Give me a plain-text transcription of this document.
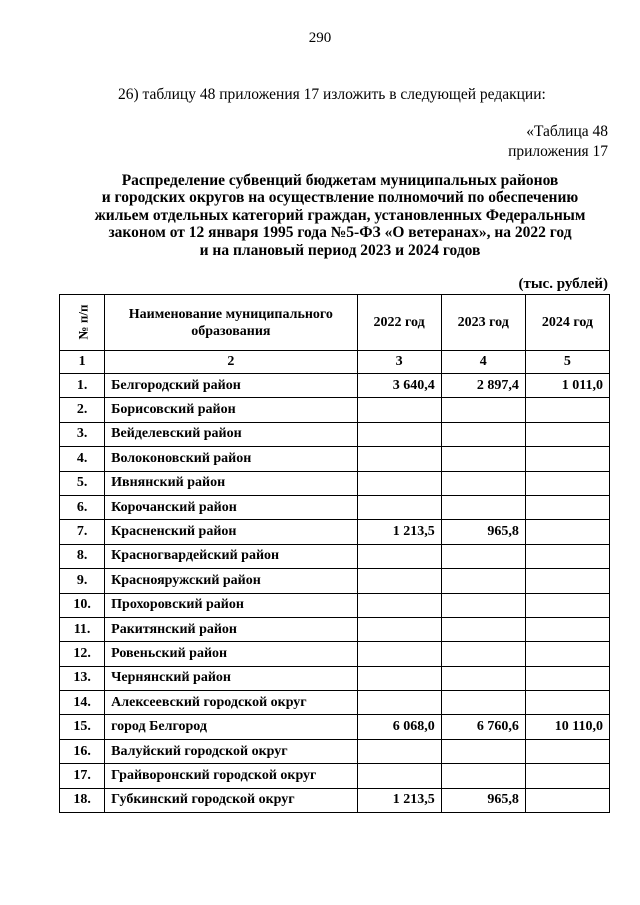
290
26) таблицу 48 приложения 17 изложить в следующей редакции:
«Таблица 48
приложения 17
Распределение субвенций бюджетам муниципальных районов
и городских округов на осуществление полномочий по обеспечению
жильем отдельных категорий граждан, установленных Федеральным
законом от 12 января 1995 года №5-ФЗ «О ветеранах», на 2022 год
и на плановый период 2023 и 2024 годов
(тыс. рублей)
№ п/п	Наименование муниципального образования	2022 год	2023 год	2024 год
1	2	3	4	5
1.	Белгородский район	3 640,4	2 897,4	1 011,0
2.	Борисовский район			
3.	Вейделевский район			
4.	Волоконовский район			
5.	Ивнянский район			
6.	Корочанский район			
7.	Красненский район	1 213,5	965,8	
8.	Красногвардейский район			
9.	Краснояружский район			
10.	Прохоровский район			
11.	Ракитянский район			
12.	Ровеньский район			
13.	Чернянский район			
14.	Алексеевский городской округ			
15.	город Белгород	6 068,0	6 760,6	10 110,0
16.	Валуйский городской округ			
17.	Грайворонский городской округ			
18.	Губкинский городской округ	1 213,5	965,8	
